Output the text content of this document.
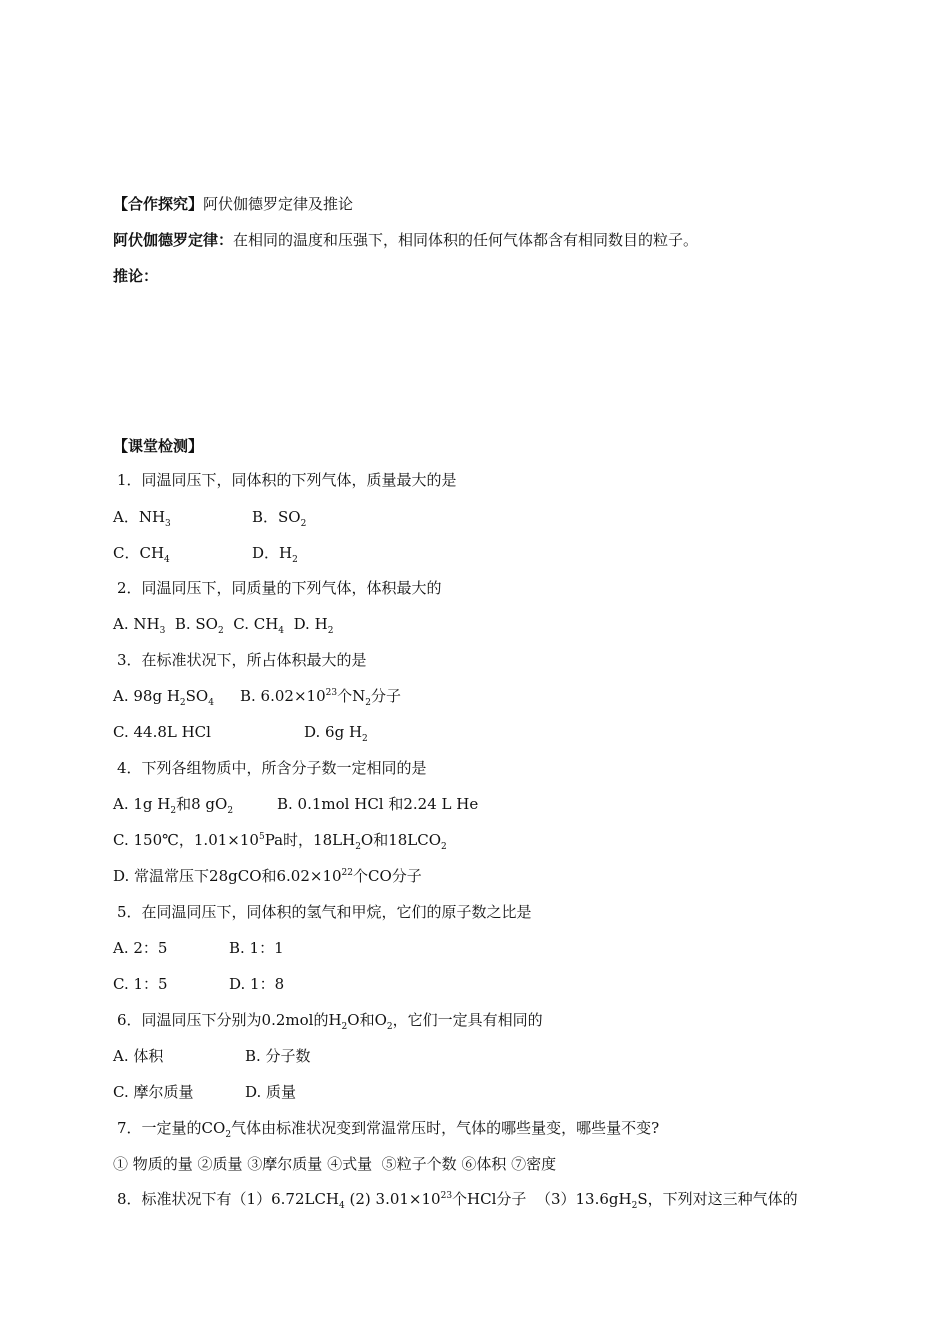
【合作探究】阿伏伽德罗定律及推论
阿伏伽德罗定律：在相同的温度和压强下，相同体积的任何气体都含有相同数目的粒子。
推论：
【课堂检测】
1．同温同压下，同体积的下列气体，质量最大的是
A．$NH_3$	B．$SO_2$
C．$CH_4$	D．$H_2$
2．同温同压下，同质量的下列气体，体积最大的
A. $NH_3$  B. $SO_2$  C. $CH_4$  D. $H_2$
3．在标准状况下，所占体积最大的是
A. 98g $H_2SO_4$ B. $6.02\times 10^{23}$个$N_2$分子
C. 44.8L HCl	D. 6g $H_2$
4．下列各组物质中，所含分子数一定相同的是
A. 1g $H_2$和8 $gO_2$	B. 0.1mol HCl 和2.24 L He
C. 150℃，$1.01\times 10^5Pa$时，$18LH_2O$和$18LCO_2$
D. 常温常压下28gCO和$6.02\times 10^{22}$个CO分子
5．在同温同压下，同体积的氢气和甲烷，它们的原子数之比是
A. 2：5	B. 1：1
C. 1：5	D. 1：8
6．同温同压下分别为0.2mol的$H_2O$和$O_2$，它们一定具有相同的
A. 体积	B. 分子数
C. 摩尔质量	D. 质量
7．一定量的$CO_2$气体由标准状况变到常温常压时，气体的哪些量变，哪些量不变?
① 物质的量 ②质量 ③摩尔质量 ④式量  ⑤粒子个数 ⑥体积 ⑦密度
8．标准状况下有$(1)6.72LCH_4$ (2) $3.01\times 10^{23}$个HCl分子  $(3)13.6gH_2S$，下列对这三种气体的
